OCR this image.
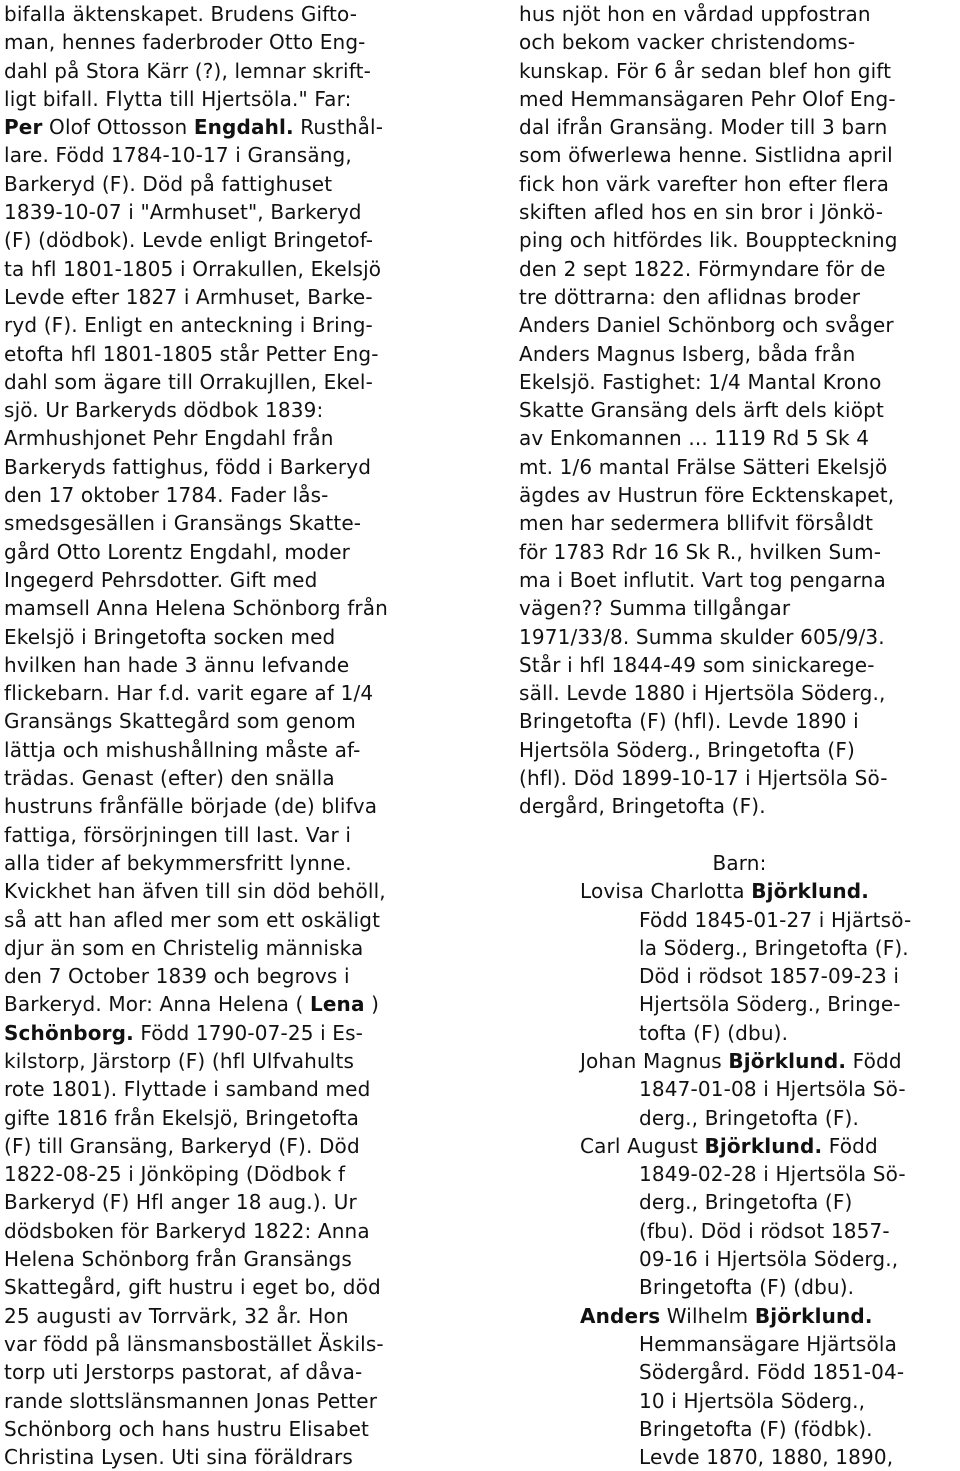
bifalla äktenskapet. Brudens Gifto-
man, hennes faderbroder Otto Eng-
dahl på Stora Kärr (?), lemnar skrift-
ligt bifall. Flytta till Hjertsöla." Far:
Per Olof Ottosson Engdahl. Rusthål-
lare. Född 1784-10-17 i Gransäng,
Barkeryd (F). Död på fattighuset
1839-10-07 i "Armhuset", Barkeryd
(F) (dödbok). Levde enligt Bringetof-
ta hfl 1801-1805 i Orrakullen, Ekelsjö
Levde efter 1827 i Armhuset, Barke-
ryd (F). Enligt en anteckning i Bring-
etofta hfl 1801-1805 står Petter Eng-
dahl som ägare till Orrakujllen, Ekel-
sjö. Ur Barkeryds dödbok 1839:
Armhushjonet Pehr Engdahl från
Barkeryds fattighus, född i Barkeryd
den 17 oktober 1784. Fader lås-
smedsgesällen i Gransängs Skatte-
gård Otto Lorentz Engdahl, moder
Ingegerd Pehrsdotter. Gift med
mamsell Anna Helena Schönborg från
Ekelsjö i Bringetofta socken med
hvilken han hade 3 ännu lefvande
flickebarn. Har f.d. varit egare af 1/4
Gransängs Skattegård som genom
lättja och mishushållning måste af-
trädas. Genast (efter) den snälla
hustruns frånfälle började (de) blifva
fattiga, försörjningen till last. Var i
alla tider af bekymmersfritt lynne.
Kvickhet han äfven till sin död behöll,
så att han afled mer som ett oskäligt
djur än som en Christelig människa
den 7 October 1839 och begrovs i
Barkeryd. Mor: Anna Helena ( Lena )
Schönborg. Född 1790-07-25 i Es-
kilstorp, Järstorp (F) (hfl Ulfvahults
rote 1801). Flyttade i samband med
gifte 1816 från Ekelsjö, Bringetofta
(F) till Gransäng, Barkeryd (F). Död
1822-08-25 i Jönköping (Dödbok f
Barkeryd (F) Hfl anger 18 aug.). Ur
dödsboken för Barkeryd 1822: Anna
Helena Schönborg från Gransängs
Skattegård, gift hustru i eget bo, död
25 augusti av Torrvärk, 32 år. Hon
var född på länsmansbostället Äskils-
torp uti Jerstorps pastorat, af dåva-
rande slottslänsmannen Jonas Petter
Schönborg och hans hustru Elisabet
Christina Lysen. Uti sina föräldrars
hus njöt hon en vårdad uppfostran
och bekom vacker christendoms-
kunskap. För 6 år sedan blef hon gift
med Hemmansägaren Pehr Olof Eng-
dal ifrån Gransäng. Moder till 3 barn
som öfwerlewa henne. Sistlidna april
fick hon värk varefter hon efter flera
skiften afled hos en sin bror i Jönkö-
ping och hitfördes lik. Bouppteckning
den 2 sept 1822. Förmyndare för de
tre döttrarna: den aflidnas broder
Anders Daniel Schönborg och svåger
Anders Magnus Isberg, båda från
Ekelsjö. Fastighet: 1/4 Mantal Krono
Skatte Gransäng dels ärft dels kiöpt
av Enkomannen ... 1119 Rd 5 Sk 4
mt. 1/6 mantal Frälse Sätteri Ekelsjö
ägdes av Hustrun före Ecktenskapet,
men har sedermera bllifvit försåldt
för 1783 Rdr 16 Sk R., hvilken Sum-
ma i Boet influtit. Vart tog pengarna
vägen?? Summa tillgångar
1971/33/8. Summa skulder 605/9/3.
Står i hfl 1844-49 som sinickarege-
säll. Levde 1880 i Hjertsöla Söderg.,
Bringetofta (F) (hfl). Levde 1890 i
Hjertsöla Söderg., Bringetofta (F)
(hfl). Död 1899-10-17 i Hjertsöla Sö-
dergård, Bringetofta (F).
Barn:
Lovisa Charlotta Björklund.
Född 1845-01-27 i Hjärtsö-
la Söderg., Bringetofta (F).
Död i rödsot 1857-09-23 i
Hjertsöla Söderg., Bringe-
tofta (F) (dbu).
Johan Magnus Björklund. Född
1847-01-08 i Hjertsöla Sö-
derg., Bringetofta (F).
Carl August Björklund. Född
1849-02-28 i Hjertsöla Sö-
derg., Bringetofta (F)
(fbu). Död i rödsot 1857-
09-16 i Hjertsöla Söderg.,
Bringetofta (F) (dbu).
Anders Wilhelm Björklund.
Hemmansägare Hjärtsöla
Södergård. Född 1851-04-
10 i Hjertsöla Söderg.,
Bringetofta (F) (födbk).
Levde 1870, 1880, 1890,
